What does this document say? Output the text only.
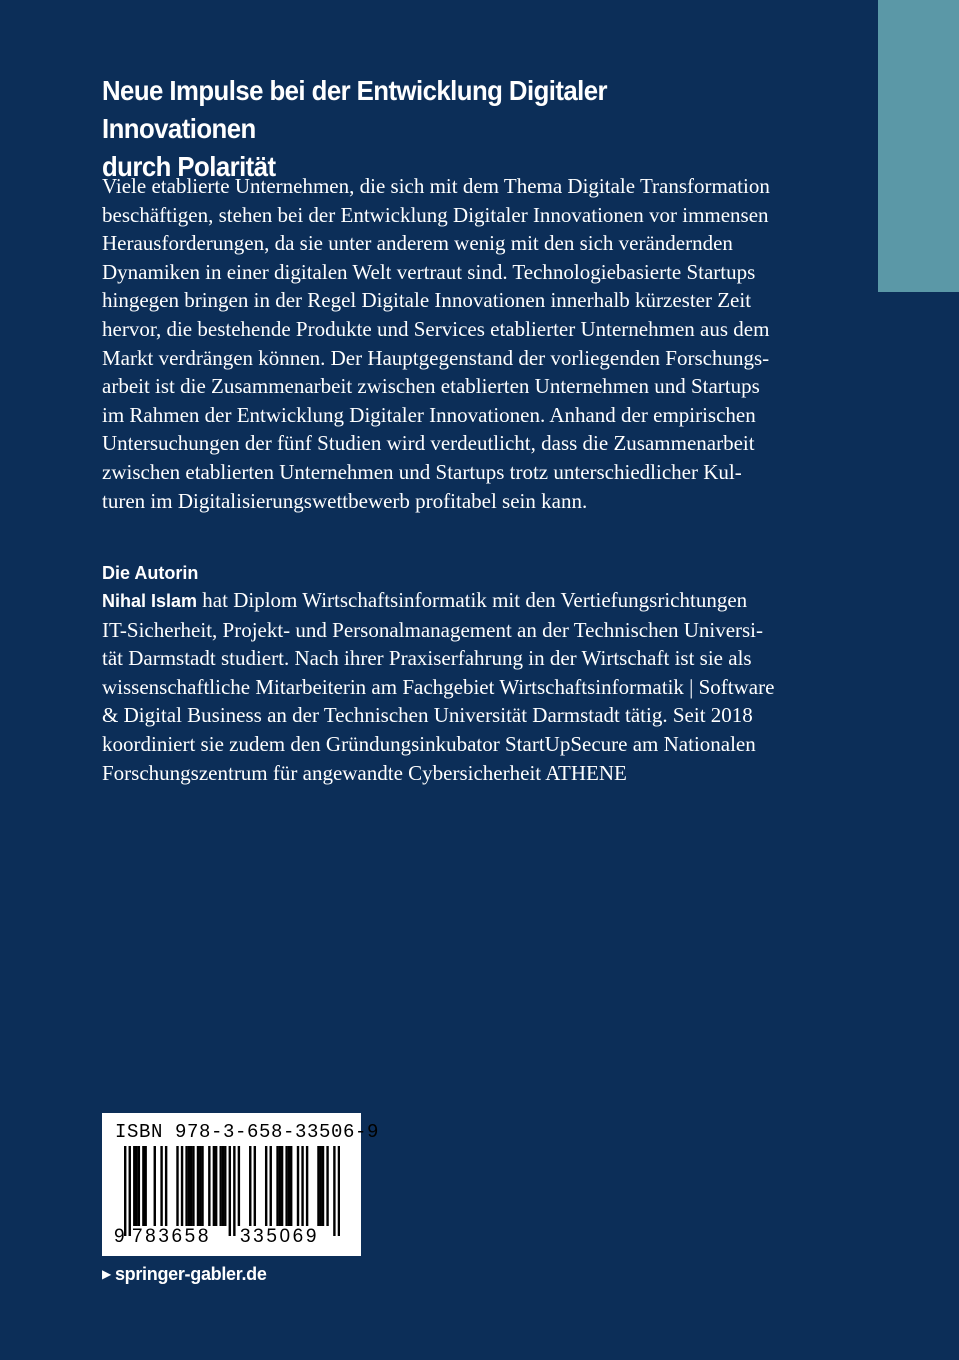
Neue Impulse bei der Entwicklung Digitaler Innovationen
durch Polarität

Viele etablierte Unternehmen, die sich mit dem Thema Digitale Transformation
beschäftigen, stehen bei der Entwicklung Digitaler Innovationen vor immensen
Herausforderungen, da sie unter anderem wenig mit den sich verändernden
Dynamiken in einer digitalen Welt vertraut sind. Technologiebasierte Startups
hingegen bringen in der Regel Digitale Innovationen innerhalb kürzester Zeit
hervor, die bestehende Produkte und Services etablierter Unternehmen aus dem
Markt verdrängen können. Der Hauptgegenstand der vorliegenden Forschungs-
arbeit ist die Zusammenarbeit zwischen etablierten Unternehmen und Startups
im Rahmen der Entwicklung Digitaler Innovationen. Anhand der empirischen
Untersuchungen der fünf Studien wird verdeutlicht, dass die Zusammenarbeit
zwischen etablierten Unternehmen und Startups trotz unterschiedlicher Kul-
turen im Digitalisierungswettbewerb profitabel sein kann.

Die Autorin

Nihal Islam hat Diplom Wirtschaftsinformatik mit den Vertiefungsrichtungen
IT-Sicherheit, Projekt- und Personalmanagement an der Technischen Universi-
tät Darmstadt studiert. Nach ihrer Praxiserfahrung in der Wirtschaft ist sie als
wissenschaftliche Mitarbeiterin am Fachgebiet Wirtschaftsinformatik | Software
& Digital Business an der Technischen Universität Darmstadt tätig. Seit 2018
koordiniert sie zudem den Gründungsinkubator StartUpSecure am Nationalen
Forschungszentrum für angewandte Cybersicherheit ATHENE

ISBN 978-3-658-33506-9
9 783658 335069

▶ springer-gabler.de
